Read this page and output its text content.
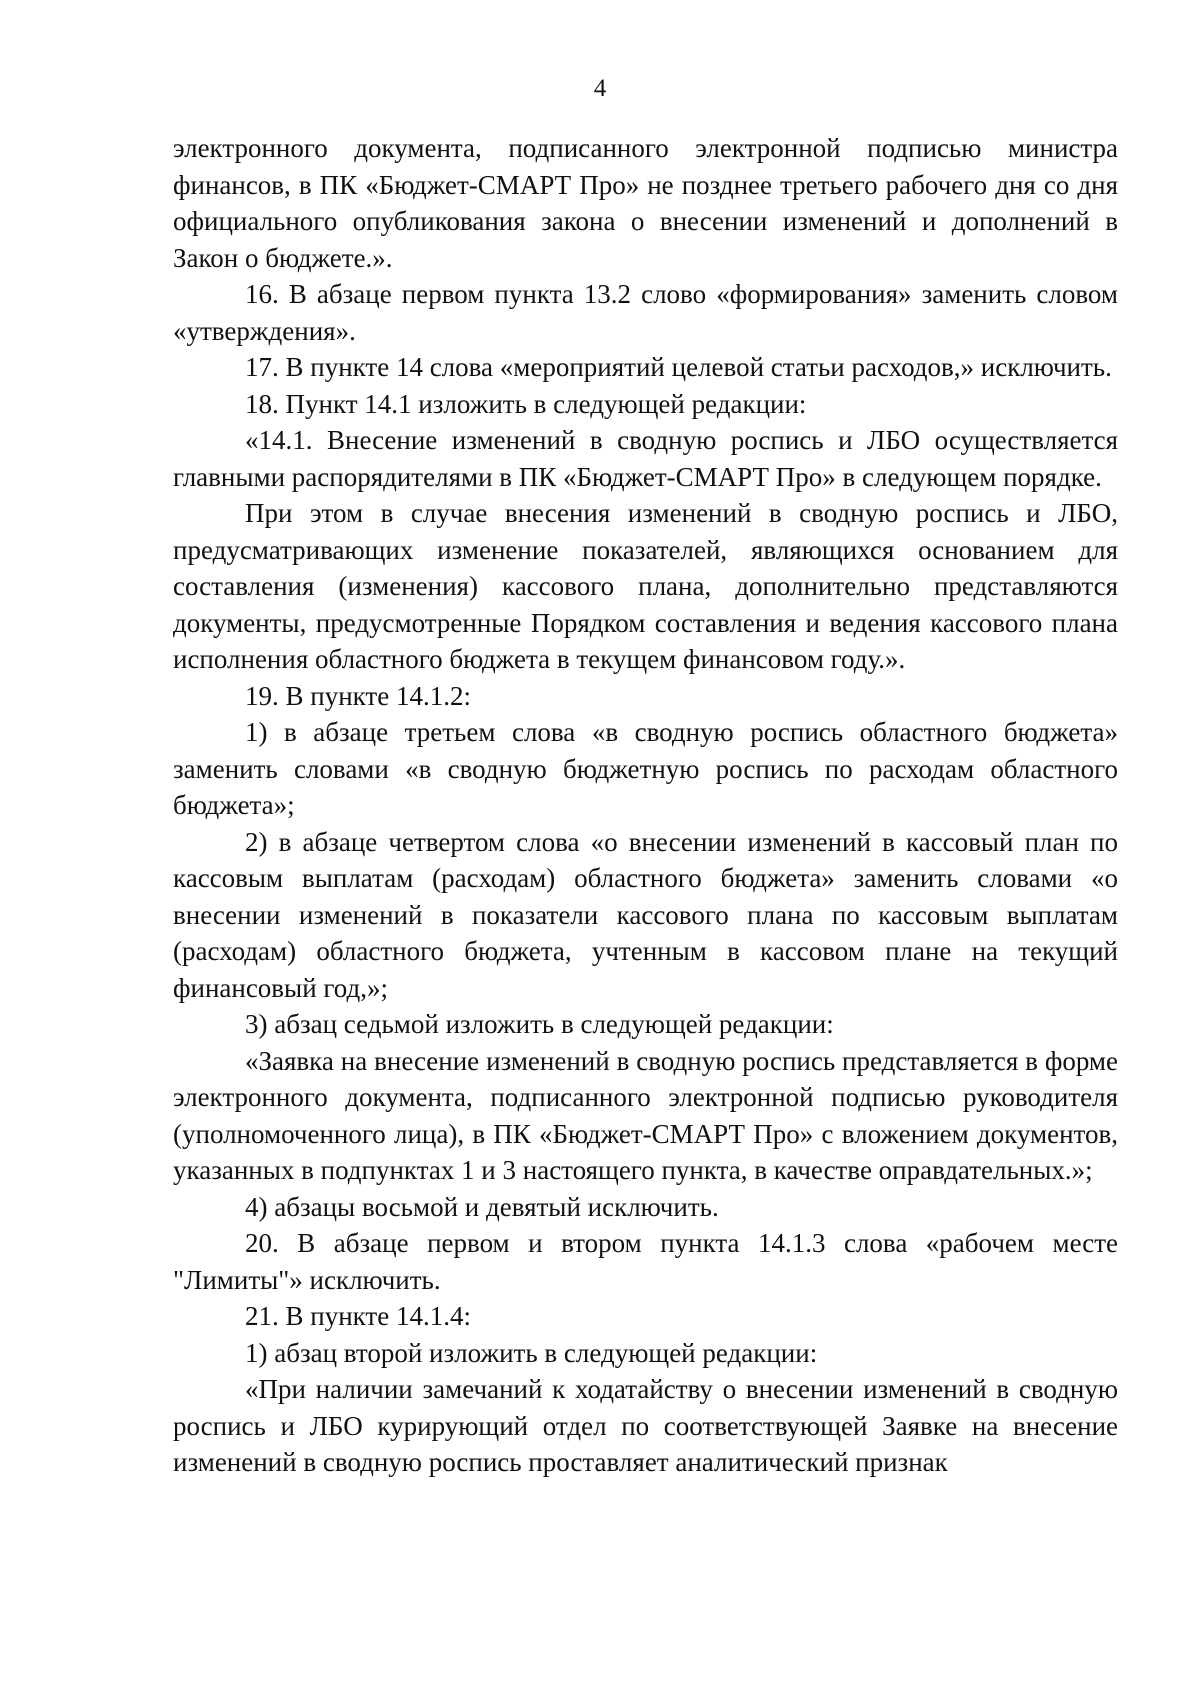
4

электронного документа, подписанного электронной подписью министра финансов, в ПК «Бюджет-СМАРТ Про» не позднее третьего рабочего дня со дня официального опубликования закона о внесении изменений и дополнений в Закон о бюджете.».

16. В абзаце первом пункта 13.2 слово «формирования» заменить словом «утверждения».

17. В пункте 14 слова «мероприятий целевой статьи расходов,» исключить.

18. Пункт 14.1 изложить в следующей редакции:

«14.1. Внесение изменений в сводную роспись и ЛБО осуществляется главными распорядителями в ПК «Бюджет-СМАРТ Про» в следующем порядке.

При этом в случае внесения изменений в сводную роспись и ЛБО, предусматривающих изменение показателей, являющихся основанием для составления (изменения) кассового плана, дополнительно представляются документы, предусмотренные Порядком составления и ведения кассового плана исполнения областного бюджета в текущем финансовом году.».

19. В пункте 14.1.2:

1) в абзаце третьем слова «в сводную роспись областного бюджета» заменить словами «в сводную бюджетную роспись по расходам областного бюджета»;

2) в абзаце четвертом слова «о внесении изменений в кассовый план по кассовым выплатам (расходам) областного бюджета» заменить словами «о внесении изменений в показатели кассового плана по кассовым выплатам (расходам) областного бюджета, учтенным в кассовом плане на текущий финансовый год,»;

3) абзац седьмой изложить в следующей редакции:

«Заявка на внесение изменений в сводную роспись представляется в форме электронного документа, подписанного электронной подписью руководителя (уполномоченного лица), в ПК «Бюджет-СМАРТ Про» с вложением документов, указанных в подпунктах 1 и 3 настоящего пункта, в качестве оправдательных.»;

4) абзацы восьмой и девятый исключить.

20. В абзаце первом и втором пункта 14.1.3 слова «рабочем месте "Лимиты"» исключить.

21. В пункте 14.1.4:

1) абзац второй изложить в следующей редакции:

«При наличии замечаний к ходатайству о внесении изменений в сводную роспись и ЛБО курирующий отдел по соответствующей Заявке на внесение изменений в сводную роспись проставляет аналитический признак
